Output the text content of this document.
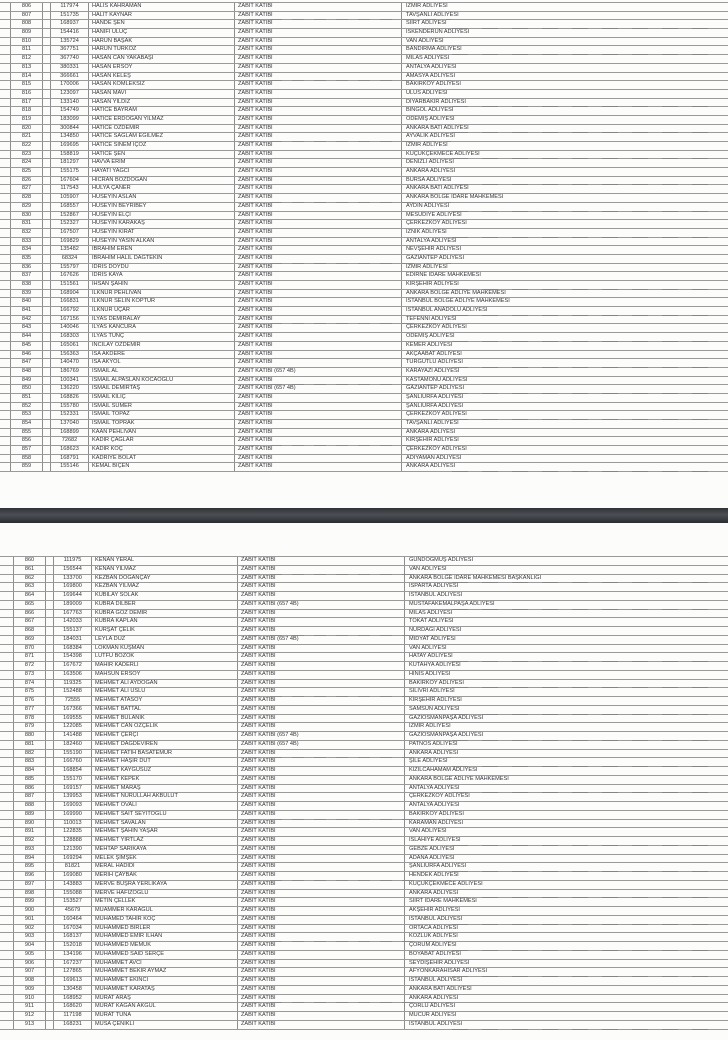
806	117974	HALİS KAHRAMAN	ZABİT KATİBİ	İZMİR ADLİYESİ
807	151735	HALİT KAYNAR	ZABİT KATİBİ	TAVŞANLI ADLİYESİ
808	168937	HANDE ŞEN	ZABİT KATİBİ	SİİRT ADLİYESİ
809	154416	HANİFİ ULUÇ	ZABİT KATİBİ	İSKENDERUN ADLİYESİ
810	135724	HARUN BAŞAK	ZABİT KATİBİ	VAN ADLİYESİ
811	367751	HARUN TÜRKÖZ	ZABİT KATİBİ	BANDIRMA ADLİYESİ
812	367740	HASAN CAN YAKABAŞI	ZABİT KATİBİ	MİLAS ADLİYESİ
813	380331	HASAN ERSOY	ZABİT KATİBİ	ANTALYA ADLİYESİ
814	366661	HASAN KELEŞ	ZABİT KATİBİ	AMASYA ADLİYESİ
815	170006	HASAN KÖMLEKSİZ	ZABİT KATİBİ	BAKIRKÖY ADLİYESİ
816	123097	HASAN MAVİ	ZABİT KATİBİ	ULUS ADLİYESİ
817	133140	HASAN YILDIZ	ZABİT KATİBİ	DİYARBAKIR ADLİYESİ
818	154749	HATİCE BAYRAM	ZABİT KATİBİ	BİNGÖL ADLİYESİ
819	183099	HATİCE ERDOĞAN YILMAZ	ZABİT KATİBİ	ÖDEMİŞ ADLİYESİ
820	300844	HATİCE ÖZDEMİR	ZABİT KATİBİ	ANKARA BATI ADLİYESİ
821	134850	HATİCE SAĞLAM EĞİLMEZ	ZABİT KATİBİ	AYVALIK ADLİYESİ
822	169695	HATİCE SİNEM İÇÖZ	ZABİT KATİBİ	İZMİR ADLİYESİ
823	158819	HATİCE ŞEN	ZABİT KATİBİ	KÜÇÜKÇEKMECE ADLİYESİ
824	181297	HAVVA ERİM	ZABİT KATİBİ	DENİZLİ ADLİYESİ
825	155175	HAYATİ YAĞCI	ZABİT KATİBİ	ANKARA ADLİYESİ
826	167604	HİCRAN BOZDOĞAN	ZABİT KATİBİ	BURSA ADLİYESİ
827	117543	HÜLYA ÇANER	ZABİT KATİBİ	ANKARA BATI ADLİYESİ
828	105907	HÜSEYİN ASLAN	ZABİT KATİBİ	ANKARA BÖLGE İDARE MAHKEMESİ
829	168557	HÜSEYİN BEYRİBEY	ZABİT KATİBİ	AYDIN ADLİYESİ
830	152867	HÜSEYİN ELÇİ	ZABİT KATİBİ	MESUDİYE ADLİYESİ
831	152327	HÜSEYİN KARAKAŞ	ZABİT KATİBİ	ÇERKEZKÖY ADLİYESİ
832	167507	HÜSEYİN KIRAT	ZABİT KATİBİ	İZNİK ADLİYESİ
833	169829	HÜSEYİN YASİN ALKAN	ZABİT KATİBİ	ANTALYA ADLİYESİ
834	135482	İBRAHİM EREN	ZABİT KATİBİ	NEVŞEHİR ADLİYESİ
835	68324	İBRAHİM HALİL DAĞTEKİN	ZABİT KATİBİ	GAZİANTEP ADLİYESİ
836	155797	İDRİS DOYDU	ZABİT KATİBİ	İZMİR ADLİYESİ
837	167626	İDRİS KAYA	ZABİT KATİBİ	EDİRNE İDARE MAHKEMESİ
838	151561	İHSAN ŞAHİN	ZABİT KATİBİ	KIRŞEHİR ADLİYESİ
839	168904	İLKNUR PEHLİVAN	ZABİT KATİBİ	ANKARA BÖLGE ADLİYE MAHKEMESİ
840	166831	İLKNUR SELİN KOPTUR	ZABİT KATİBİ	İSTANBUL BÖLGE ADLİYE MAHKEMESİ
841	166792	İLKNUR UÇAR	ZABİT KATİBİ	İSTANBUL ANADOLU ADLİYESİ
842	167156	İLYAS DEMİRALAY	ZABİT KATİBİ	TEFENNİ ADLİYESİ
843	140046	İLYAS KANCURA	ZABİT KATİBİ	ÇERKEZKÖY ADLİYESİ
844	168303	İLYAS TUNÇ	ZABİT KATİBİ	ÖDEMİŞ ADLİYESİ
845	165061	İNCİLAY ÖZDEMİR	ZABİT KATİBİ	KEMER ADLİYESİ
846	156363	İSA AKDERE	ZABİT KATİBİ	AKÇAABAT ADLİYESİ
847	140470	İSA AKYOL	ZABİT KATİBİ	TURGUTLU ADLİYESİ
848	186769	İSMAİL AL	ZABİT KATİBİ (657 4B)	KARAYAZI ADLİYESİ
849	100341	İSMAİL ALPASLAN KOCAOĞLU	ZABİT KATİBİ	KASTAMONU ADLİYESİ
850	136220	İSMAİL DEMİRTAŞ	ZABİT KATİBİ (657 4B)	GAZİANTEP ADLİYESİ
851	168826	İSMAİL KILIÇ	ZABİT KATİBİ	ŞANLIURFA ADLİYESİ
852	155780	İSMAİL SÜMER	ZABİT KATİBİ	ŞANLIURFA ADLİYESİ
853	152331	İSMAİL TOPAZ	ZABİT KATİBİ	ÇERKEZKÖY ADLİYESİ
854	137040	İSMAİL TOPRAK	ZABİT KATİBİ	TAVŞANLI ADLİYESİ
855	168899	KAAN PEHLİVAN	ZABİT KATİBİ	ANKARA ADLİYESİ
856	72682	KADİR ÇAĞLAR	ZABİT KATİBİ	KIRŞEHİR ADLİYESİ
857	168623	KADİR KOÇ	ZABİT KATİBİ	ÇERKEZKÖY ADLİYESİ
858	168791	KADRİYE BOLAT	ZABİT KATİBİ	ADIYAMAN ADLİYESİ
859	155146	KEMAL BİÇEN	ZABİT KATİBİ	ANKARA ADLİYESİ
860	111975	KENAN YERAL	ZABİT KATİBİ	GÜNDOĞMUŞ ADLİYESİ
861	156544	KENAN YILMAZ	ZABİT KATİBİ	VAN ADLİYESİ
862	133700	KEZBAN DOĞANÇAY	ZABİT KATİBİ	ANKARA BÖLGE İDARE MAHKEMESİ BAŞKANLIĞI
863	169800	KEZBAN YILMAZ	ZABİT KATİBİ	ISPARTA ADLİYESİ
864	169644	KUBİLAY SOLAK	ZABİT KATİBİ	İSTANBUL ADLİYESİ
865	189009	KÜBRA DİLBER	ZABİT KATİBİ (657 4B)	MUSTAFAKEMALPAŞA ADLİYESİ
866	167763	KÜBRA GÖZ DEMİR	ZABİT KATİBİ	MİLAS ADLİYESİ
867	142033	KÜBRA KAPLAN	ZABİT KATİBİ	TOKAT ADLİYESİ
868	155137	KÜRŞAT ÇELİK	ZABİT KATİBİ	NURDAĞI ADLİYESİ
869	184031	LEYLA DÜZ	ZABİT KATİBİ (657 4B)	MİDYAT ADLİYESİ
870	168384	LOKMAN KUŞMAN	ZABİT KATİBİ	VAN ADLİYESİ
871	154398	LÜTFÜ BOZOK	ZABİT KATİBİ	HATAY ADLİYESİ
872	167672	MAHİR KADERLİ	ZABİT KATİBİ	KÜTAHYA ADLİYESİ
873	163506	MAHSUN ERSOY	ZABİT KATİBİ	HINIS ADLİYESİ
874	119325	MEHMET ALİ AYDOĞAN	ZABİT KATİBİ	BAKIRKÖY ADLİYESİ
875	152488	MEHMET ALİ USLU	ZABİT KATİBİ	SİLİVRİ ADLİYESİ
876	72555	MEHMET ATASOY	ZABİT KATİBİ	KIRŞEHİR ADLİYESİ
877	167366	MEHMET BATTAL	ZABİT KATİBİ	SAMSUN ADLİYESİ
878	169555	MEHMET BULANIK	ZABİT KATİBİ	GAZİOSMANPAŞA ADLİYESİ
879	122085	MEHMET CAN ÖZÇELİK	ZABİT KATİBİ	İZMİR ADLİYESİ
880	141488	MEHMET ÇERÇİ	ZABİT KATİBİ (657 4B)	GAZİOSMANPAŞA ADLİYESİ
881	182460	MEHMET DAĞDEVİREN	ZABİT KATİBİ (657 4B)	PATNOS ADLİYESİ
882	155190	MEHMET FATİH BASATEMÜR	ZABİT KATİBİ	ANKARA ADLİYESİ
883	166760	MEHMET HAŞİR DUT	ZABİT KATİBİ	ŞİLE ADLİYESİ
884	168854	MEHMET KAYGUSUZ	ZABİT KATİBİ	KIZILCAHAMAM ADLİYESİ
885	155170	MEHMET KEPEK	ZABİT KATİBİ	ANKARA BÖLGE ADLİYE MAHKEMESİ
886	169157	MEHMET MARAŞ	ZABİT KATİBİ	ANTALYA ADLİYESİ
887	139953	MEHMET NURULLAH AKBULUT	ZABİT KATİBİ	ÇERKEZKÖY ADLİYESİ
888	169093	MEHMET OVALI	ZABİT KATİBİ	ANTALYA ADLİYESİ
889	169990	MEHMET SAİT SEYİTOĞLU	ZABİT KATİBİ	BAKIRKÖY ADLİYESİ
890	110013	MEHMET SAVALAN	ZABİT KATİBİ	KARAMAN ADLİYESİ
891	122835	MEHMET ŞAHİN YAŞAR	ZABİT KATİBİ	VAN ADLİYESİ
892	128888	MEHMET YIRTLAZ	ZABİT KATİBİ	İSLAHİYE ADLİYESİ
893	121390	MEHTAP SARIKAYA	ZABİT KATİBİ	GEBZE ADLİYESİ
894	169294	MELEK ŞİMŞEK	ZABİT KATİBİ	ADANA ADLİYESİ
895	81821	MERAL HADİDİ	ZABİT KATİBİ	ŞANLIURFA ADLİYESİ
896	169080	MERİH ÇAYBAK	ZABİT KATİBİ	HENDEK ADLİYESİ
897	143883	MERVE BÜŞRA YERLİKAYA	ZABİT KATİBİ	KÜÇÜKÇEKMECE ADLİYESİ
898	155088	MERVE HAFIZOĞLU	ZABİT KATİBİ	ANKARA ADLİYESİ
899	153527	METİN ÇELLEK	ZABİT KATİBİ	SİİRT İDARE MAHKEMESİ
900	45679	MUAMMER KARAGÜL	ZABİT KATİBİ	AKŞEHİR ADLİYESİ
901	160464	MUHAMED TAHİR KOÇ	ZABİT KATİBİ	İSTANBUL ADLİYESİ
902	167034	MUHAMMED BİRLER	ZABİT KATİBİ	ORTACA ADLİYESİ
903	168137	MUHAMMED EMİR İLHAN	ZABİT KATİBİ	KOZLUK ADLİYESİ
904	152018	MUHAMMED MEMÜK	ZABİT KATİBİ	ÇORUM ADLİYESİ
905	134196	MUHAMMED SAİD SERÇE	ZABİT KATİBİ	BOYABAT ADLİYESİ
906	167237	MUHAMMET AVCI	ZABİT KATİBİ	SEYDİŞEHİR ADLİYESİ
907	127865	MUHAMMET BEKİR AYMAZ	ZABİT KATİBİ	AFYONKARAHİSAR ADLİYESİ
908	169613	MUHAMMET EKİNCİ	ZABİT KATİBİ	İSTANBUL ADLİYESİ
909	130458	MUHAMMET KARATAŞ	ZABİT KATİBİ	ANKARA BATI ADLİYESİ
910	168952	MURAT ARAŞ	ZABİT KATİBİ	ANKARA ADLİYESİ
911	168620	MURAT KAĞAN AKGÜL	ZABİT KATİBİ	ÇORLU ADLİYESİ
912	117198	MURAT TUNA	ZABİT KATİBİ	MUCUR ADLİYESİ
913	168231	MUSA ÇENİKLİ	ZABİT KATİBİ	İSTANBUL ADLİYESİ
